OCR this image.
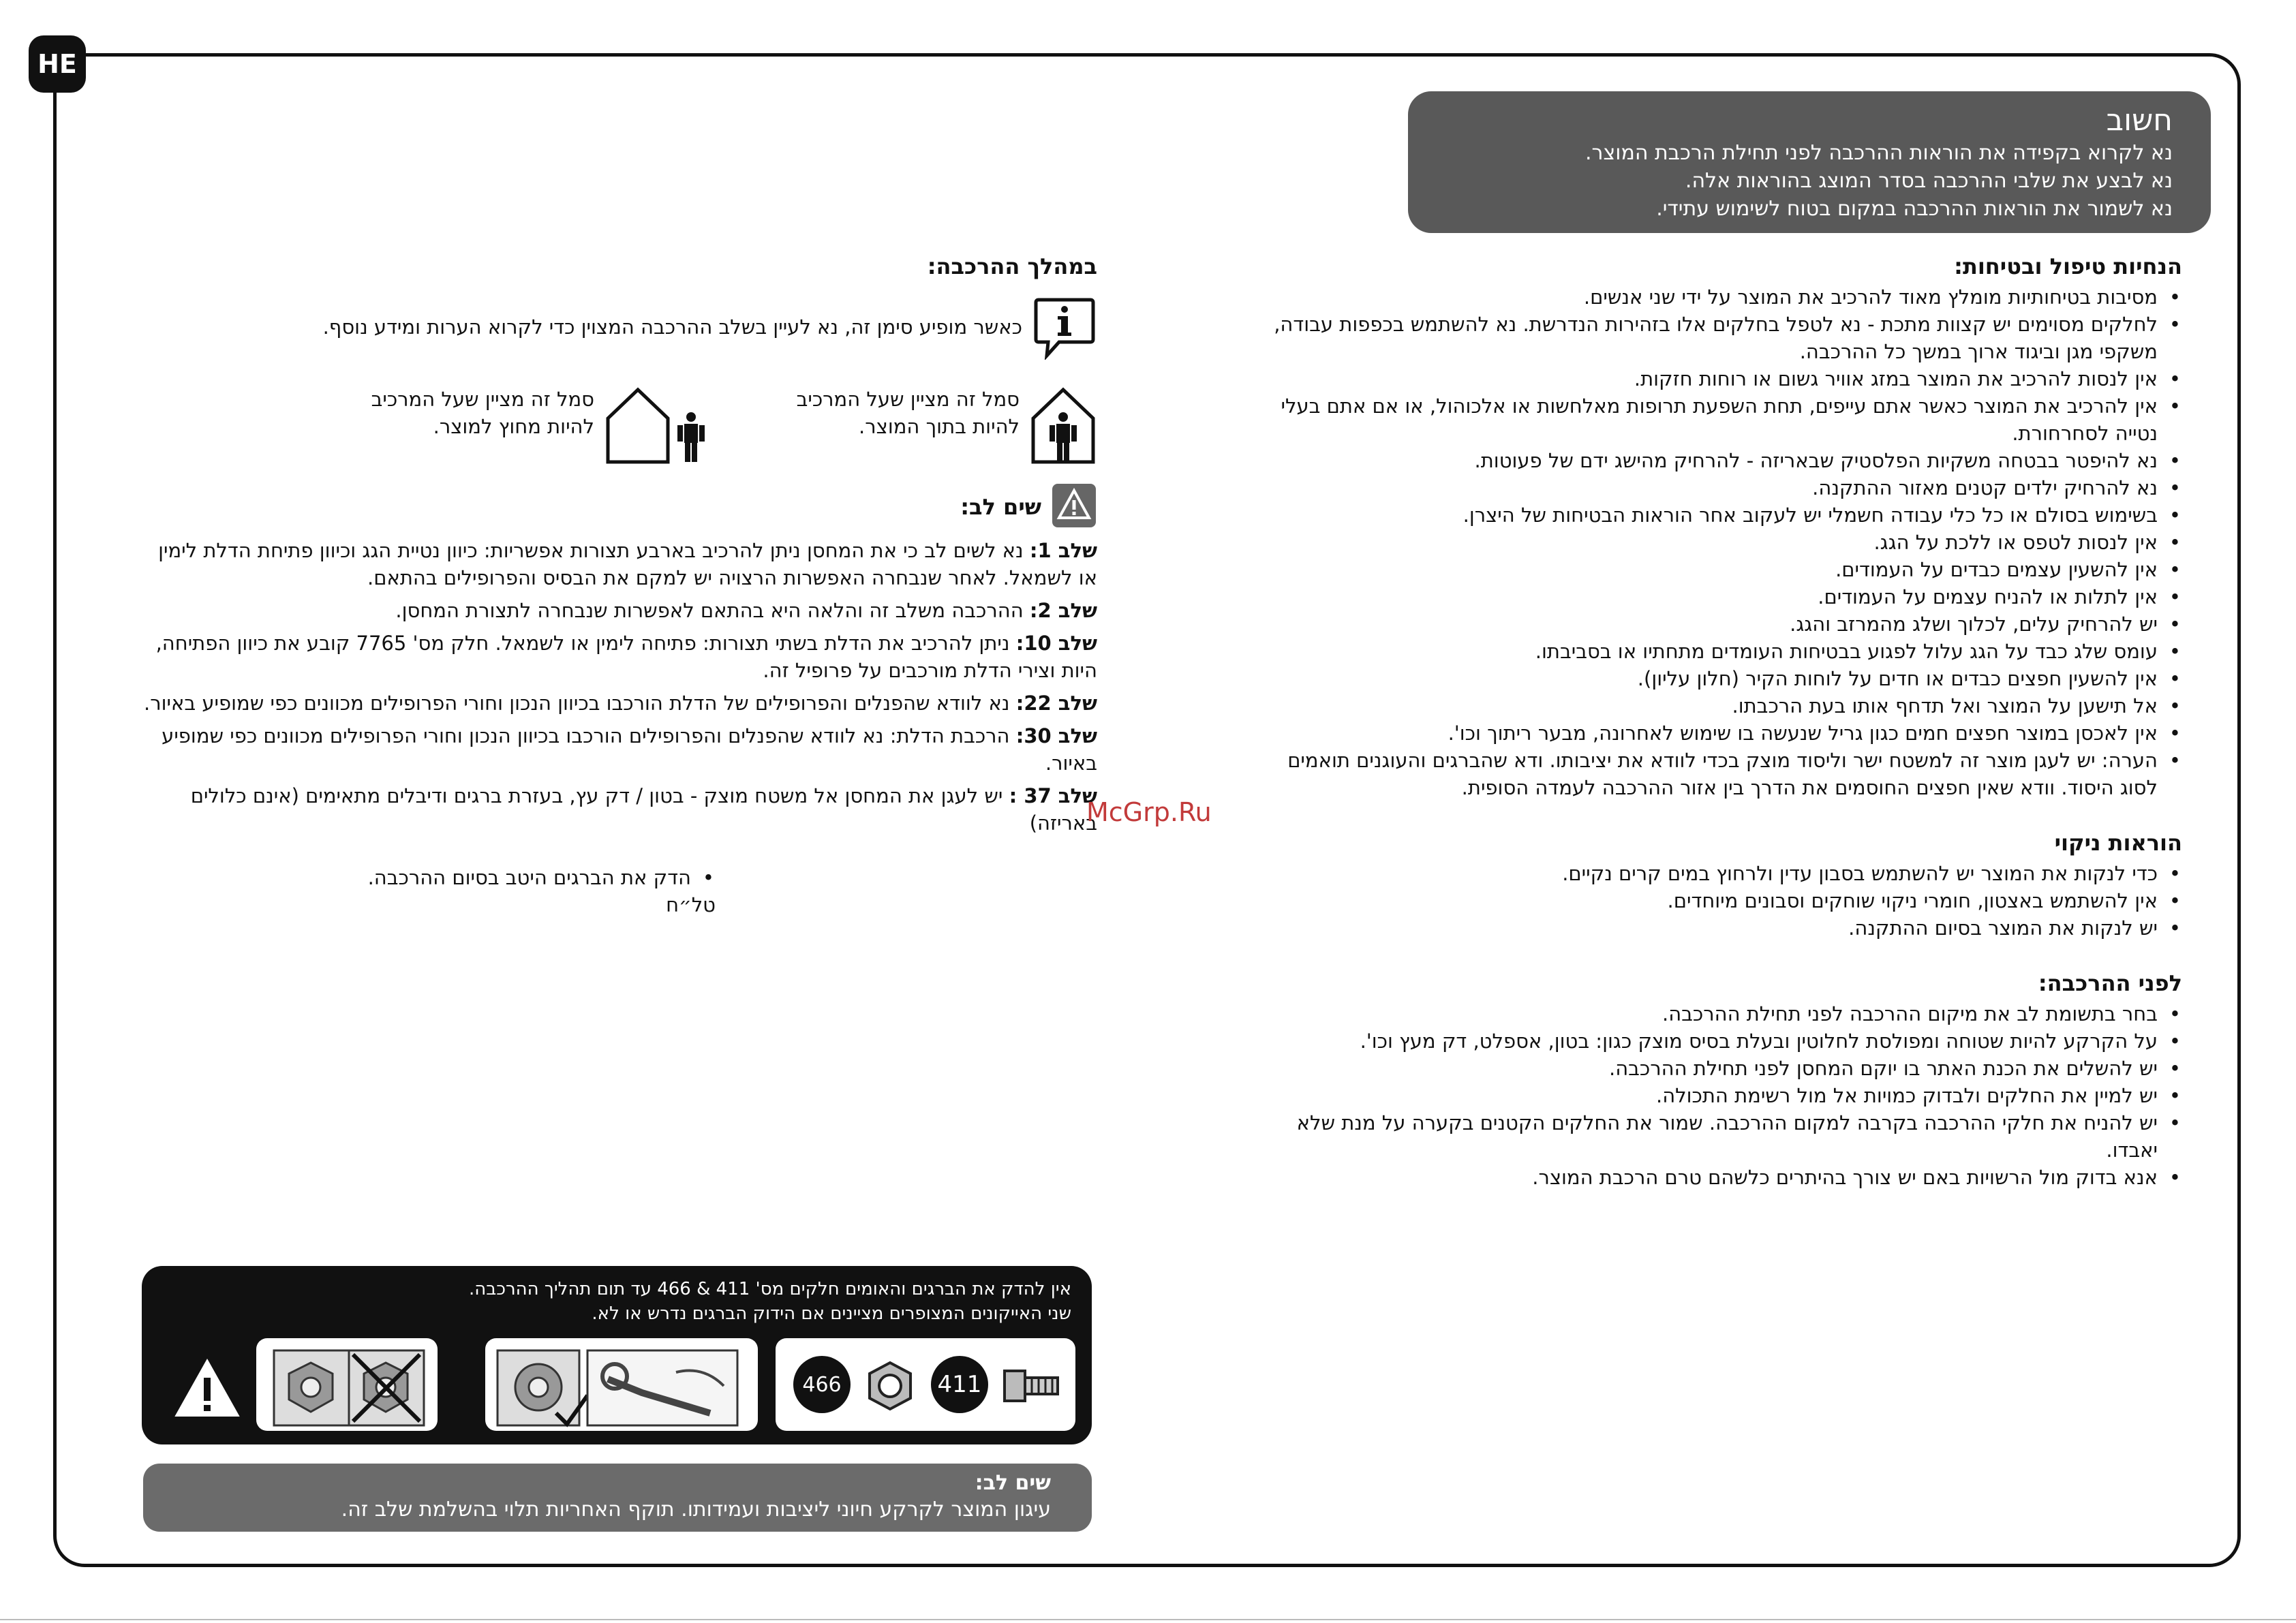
HE
חשוב
נא לקרוא בקפידה את הוראות ההרכבה לפני תחילת הרכבת המוצר.
נא לבצע את שלבי ההרכבה בסדר המוצג בהוראות אלה.
נא לשמור את הוראות ההרכבה במקום בטוח לשימוש עתידי.
הנחיות טיפול ובטיחות:
• מסיבות בטיחותיות מומלץ מאוד להרכיב את המוצר על ידי שני אנשים.
• לחלקים מסוימים יש קצוות מתכת - נא לטפל בחלקים אלו בזהירות הנדרשת. נא להשתמש בכפפות עבודה, משקפי מגן וביגוד ארוך במשך כל ההרכבה.
• אין לנסות להרכיב את המוצר במזג אוויר גשום או רוחות חזקות.
• אין להרכיב את המוצר כאשר אתם עייפים, תחת השפעת תרופות מאלחשות או אלכוהול, או אם אתם בעלי נטייה לסחרחורת.
• נא להיפטר בבטחה משקיות הפלסטיק שבאריזה - להרחיק מהישג ידם של פעוטות.
• נא להרחיק ילדים קטנים מאזור ההתקנה.
• בשימוש בסולם או כל כלי עבודה חשמלי יש לעקוב אחר הוראות הבטיחות של היצרן.
• אין לנסות לטפס או ללכת על הגג.
• אין להשעין עצמים כבדים על העמודים.
• אין לתלות או להניח עצמים על העמודים.
• יש להרחיק עלים, לכלוך ושלג מהמרזב והגג.
• עומס שלג כבד על הגג עלול לפגוע בבטיחות העומדים מתחתיו או בסביבתו.
• אין להשעין חפצים כבדים או חדים על לוחות הקיר (חלון עליון).
• אל תישען על המוצר ואל תדחף אותו בעת הרכבתו.
• אין לאכסן במוצר חפצים חמים כגון גריל שנעשה בו שימוש לאחרונה, מבער ריתוך וכו'.
• הערה: יש לעגן מוצר זה למשטח ישר וליסוד מוצק בכדי לוודא את יציבותו. ודא שהברגים והעוגנים תואמים לסוג היסוד. וודא שאין חפצים החוסמים את הדרך בין אזור ההרכבה לעמדה הסופית.
הוראות ניקוי
• כדי לנקות את המוצר יש להשתמש בסבון עדין ולרחוץ במים קרים נקיים.
• אין להשתמש באצטון, חומרי ניקוי שוחקים וסבונים מיוחדים.
• יש לנקות את המוצר בסיום ההתקנה.
לפני ההרכבה:
• בחר בתשומת לב את מיקום ההרכבה לפני תחילת ההרכבה.
• על הקרקע להיות שטוחה ומפולסת לחלוטין ובעלת בסיס מוצק כגון: בטון, אספלט, דק מעץ וכו'.
• יש להשלים את הכנת האתר בו יוקם המחסן לפני תחילת ההרכבה.
• יש למיין את החלקים ולבדוק כמויות אל מול רשימת התכולה.
• יש להניח את חלקי ההרכבה בקרבה למקום ההרכבה. שמור את החלקים הקטנים בקערה על מנת שלא יאבדו.
• אנא בדוק מול הרשויות באם יש צורך בהיתרים כלשהם טרם הרכבת המוצר.
במהלך ההרכבה:
כאשר מופיע סימן זה, נא לעיין בשלב ההרכבה המצוין כדי לקרוא הערות ומידע נוסף.
סמל זה מציין שעל המרכיב להיות בתוך המוצר.
סמל זה מציין שעל המרכיב להיות מחוץ למוצר.
שים לב:
שלב 1: נא לשים לב כי את המחסן ניתן להרכיב בארבע תצורות אפשריות: כיוון נטיית הגג וכיוון פתיחת הדלת לימין או לשמאל. לאחר שנבחרה האפשרות הרצויה יש למקם את הבסיס והפרופילים בהתאם.
שלב 2: ההרכבה משלב זה והלאה היא בהתאם לאפשרות שנבחרה לתצורת המחסן.
שלב 10: ניתן להרכיב את הדלת בשתי תצורות: פתיחה לימין או לשמאל. חלק מס' 7765 קובע את כיוון הפתיחה, היות וצירי הדלת מורכבים על פרופיל זה.
שלב 22: נא לוודא שהפנלים והפרופילים של הדלת הורכבו בכיוון הנכון וחורי הפרופילים מכוונים כפי שמופיע באיור.
שלב 30: הרכבת הדלת: נא לוודא שהפנלים והפרופילים הורכבו בכיוון הנכון וחורי הפרופילים מכוונים כפי שמופיע באיור.
שלב 37 : יש לעגן את המחסן אל משטח מוצק - בטון / דק עץ, בעזרת ברגים ודיבלים מתאימים (אינם כלולים באריזה)
• הדק את הברגים היטב בסיום ההרכבה.
טל״ח
McGrp.Ru
אין להדק את הברגים והאומים חלקים מס' 411 & 466 עד תום תהליך ההרכבה.
שני האייקונים המצופרים מציינים אם הידוק הברגים נדרש או לא.
466	411
שים לב:
עיגון המוצר לקרקע חיוני ליציבות ועמידותו. תוקף האחריות תלוי בהשלמת שלב זה.
